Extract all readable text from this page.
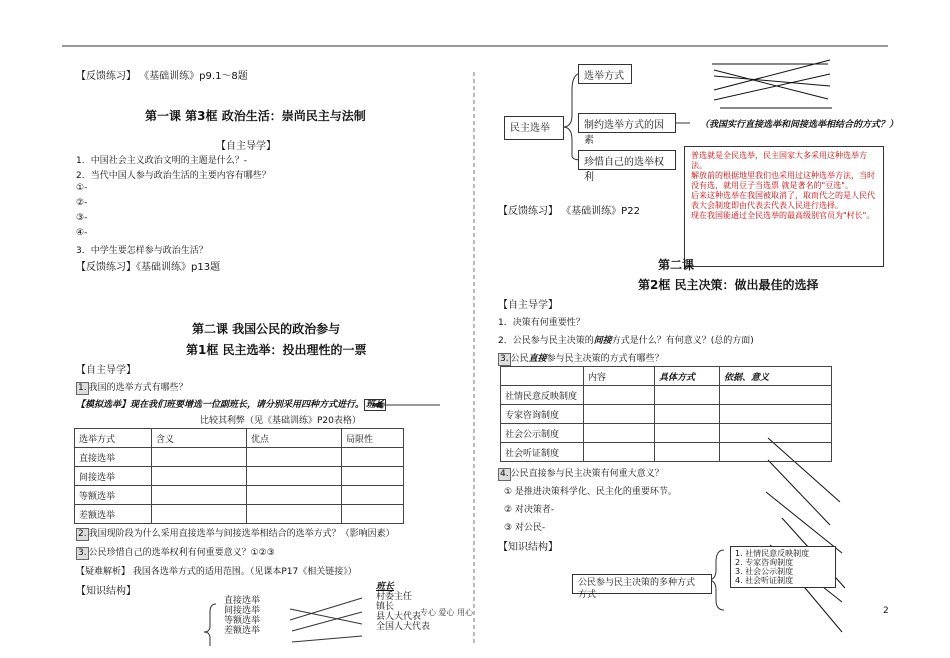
【反馈练习】 《基础训练》p9.1～8题
第一课 第3框 政治生活：崇尚民主与法制
【自主导学】
1．中国社会主义政治文明的主题是什么？-
2．当代中国人参与政治生活的主要内容有哪些？
①-
②-
③-
④-
3．中学生要怎样参与政治生活？
【反馈练习】《基础训练》p13题
第二课 我国公民的政治参与
第1框 民主选举：投出理性的一票
【自主导学】
1. 我国的选举方式有哪些？
【模拟选举】现在我们班要增选一位副班长，请分别采用四种方式进行。 班长
比较其利弊（见《基础训练》P20表格）
选举方式	含义	优点	局限性
直接选举			
间接选举			
等额选举			
差额选举			
2. 我国现阶段为什么采用直接选举与间接选举相结合的选举方式？（影响因素）
3. 公民珍惜自己的选举权利有何重要意义？①②③
【疑难解析】 我国各选举方式的适用范围。（见课本P17《相关链接》）
【知识结构】
直接选举
间接选举
等额选举
差额选举
班长
村委主任
镇长
县人大代表
全国人大代表
专心 爱心 用心
民主选举
选举方式
制约选举方式的因素
珍惜自己的选举权利
（我国实行直接选举和间接选举相结合的方式？）

普选就是全民选举，民主国家大多采用这种选举方法。

解放前的根据地里我们也采用过这种选举方法，当时没有选，就用豆子当选票 就是著名的"豆选"。

后来这种选举在我国被取消了，取而代之的是人民代表大会制度即由代表去代表人民进行选择。

现在我国能通过全民选举的最高级别官员为"村长"。

【反馈练习】 《基础训练》P22
第二课
第2框 民主决策：做出最佳的选择
【自主导学】
1．决策有何重要性？
2．公民参与民主决策的间接方式是什么？有何意义？(总的方面)
3. 公民直接参与民主决策的方式有哪些？
	内容	具体方式	依据、意义
社情民意反映制度			
专家咨询制度			
社会公示制度			
社会听证制度			
4. 公民直接参与民主决策有何重大意义？
① 是推进决策科学化、民主化的重要环节。
② 对决策者-
③ 对公民-
【知识结构】
公民参与民主决策的多种方式
方式
1. 社情民意反映制度
2. 专家咨询制度
3. 社会公示制度
4. 社会听证制度
2
